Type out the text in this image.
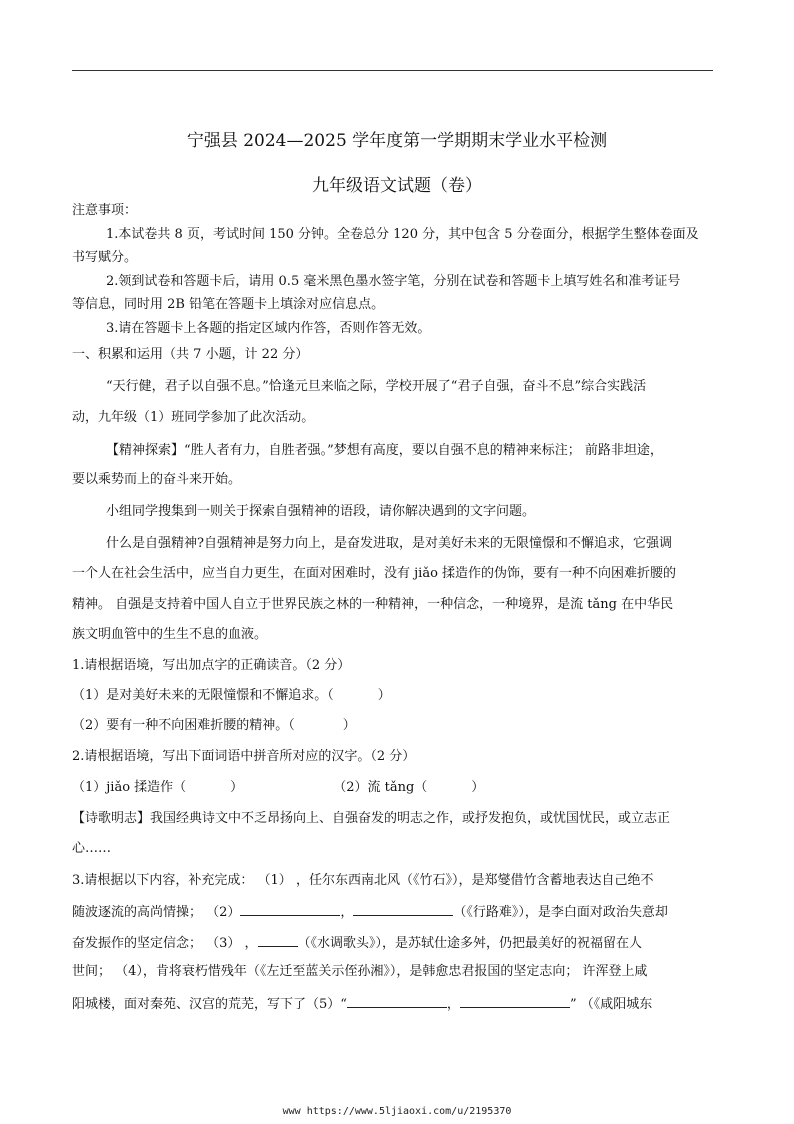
宁强县 2024—2025 学年度第一学期期末学业水平检测
九年级语文试题（卷）
注意事项：
1.本试卷共 8 页，考试时间 150 分钟。全卷总分 120 分，其中包含 5 分卷面分，根据学生整体卷面及
书写赋分。
2.领到试卷和答题卡后，请用 0.5 毫米黑色墨水签字笔，分别在试卷和答题卡上填写姓名和准考证号
等信息，同时用 2B 铅笔在答题卡上填涂对应信息点。
3.请在答题卡上各题的指定区域内作答，否则作答无效。
一、积累和运用（共 7 小题，计 22 分）
“天行健，君子以自强不息。”恰逢元旦来临之际，学校开展了“君子自强，奋斗不息”综合实践活
动，九年级（1）班同学参加了此次活动。
【精神探索】“胜人者有力，自胜者强。”梦想有高度，要以自强不息的精神来标注； 前路非坦途，
要以乘势而上的奋斗来开始。
小组同学搜集到一则关于探索自强精神的语段，请你解决遇到的文字问题。
什么是自强精神?自强精神是努力向上，是奋发进取，是对美好未来的无限憧憬和不懈追求，它强调
一个人在社会生活中，应当自力更生，在面对困难时，没有 jiǎo 揉造作的伪饰，要有一种不向困难折腰的
精神。 自强是支持着中国人自立于世界民族之林的一种精神，一种信念，一种境界，是流 tǎng 在中华民
族文明血管中的生生不息的血液。
1.请根据语境，写出加点字的正确读音。（2 分）
（1）是对美好未来的无限憧憬和不懈追求。（	）
（2）要有一种不向困难折腰的精神。（	）
2.请根据语境，写出下面词语中拼音所对应的汉字。（2 分）
（1）jiǎo 揉造作（	）	（2）流 tǎng（	）
【诗歌明志】我国经典诗文中不乏昂扬向上、自强奋发的明志之作，或抒发抱负，或忧国忧民，或立志正
心……
3.请根据以下内容，补充完成： （1） ，任尔东西南北风（《竹石》），是郑燮借竹含蓄地表达自己绝不
随波逐流的高尚情操； （2）	，	（《行路难》），是李白面对政治失意却
奋发振作的坚定信念； （3） ，	（《水调歌头》），是苏轼仕途多舛，仍把最美好的祝福留在人
世间； （4），肯将衰朽惜残年（《左迁至蓝关示侄孙湘》），是韩愈忠君报国的坚定志向； 许浑登上咸
阳城楼，面对秦苑、汉宫的荒芜，写下了（5）“	，	” （《咸阳城东
www https://www.5ljiaoxi.com/u/2195370
